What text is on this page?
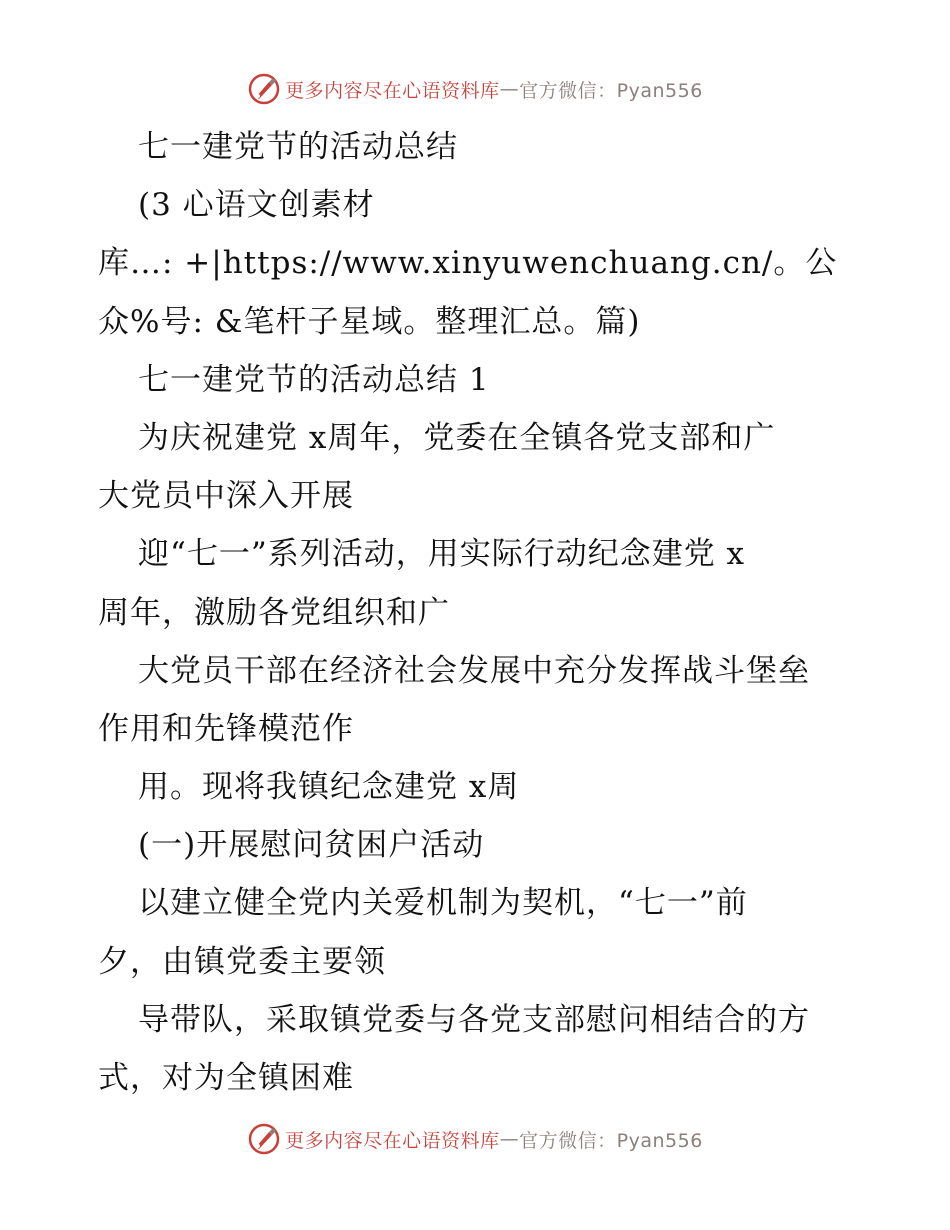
更多内容尽在心语资料库 — 官方微信：Pyan556
七一建党节的活动总结
(3 心语文创素材
库…: +|https://www.xinyuwenchuang.cn/。公
众%号: &笔杆子星域。整理汇总。篇)
七一建党节的活动总结 1
为庆祝建党 x周年，党委在全镇各党支部和广
大党员中深入开展
迎“七一”系列活动，用实际行动纪念建党 x
周年，激励各党组织和广
大党员干部在经济社会发展中充分发挥战斗堡垒
作用和先锋模范作
用。现将我镇纪念建党 x周
(一)开展慰问贫困户活动
以建立健全党内关爱机制为契机，“七一”前
夕，由镇党委主要领
导带队，采取镇党委与各党支部慰问相结合的方
式，对为全镇困难
更多内容尽在心语资料库 — 官方微信：Pyan556
